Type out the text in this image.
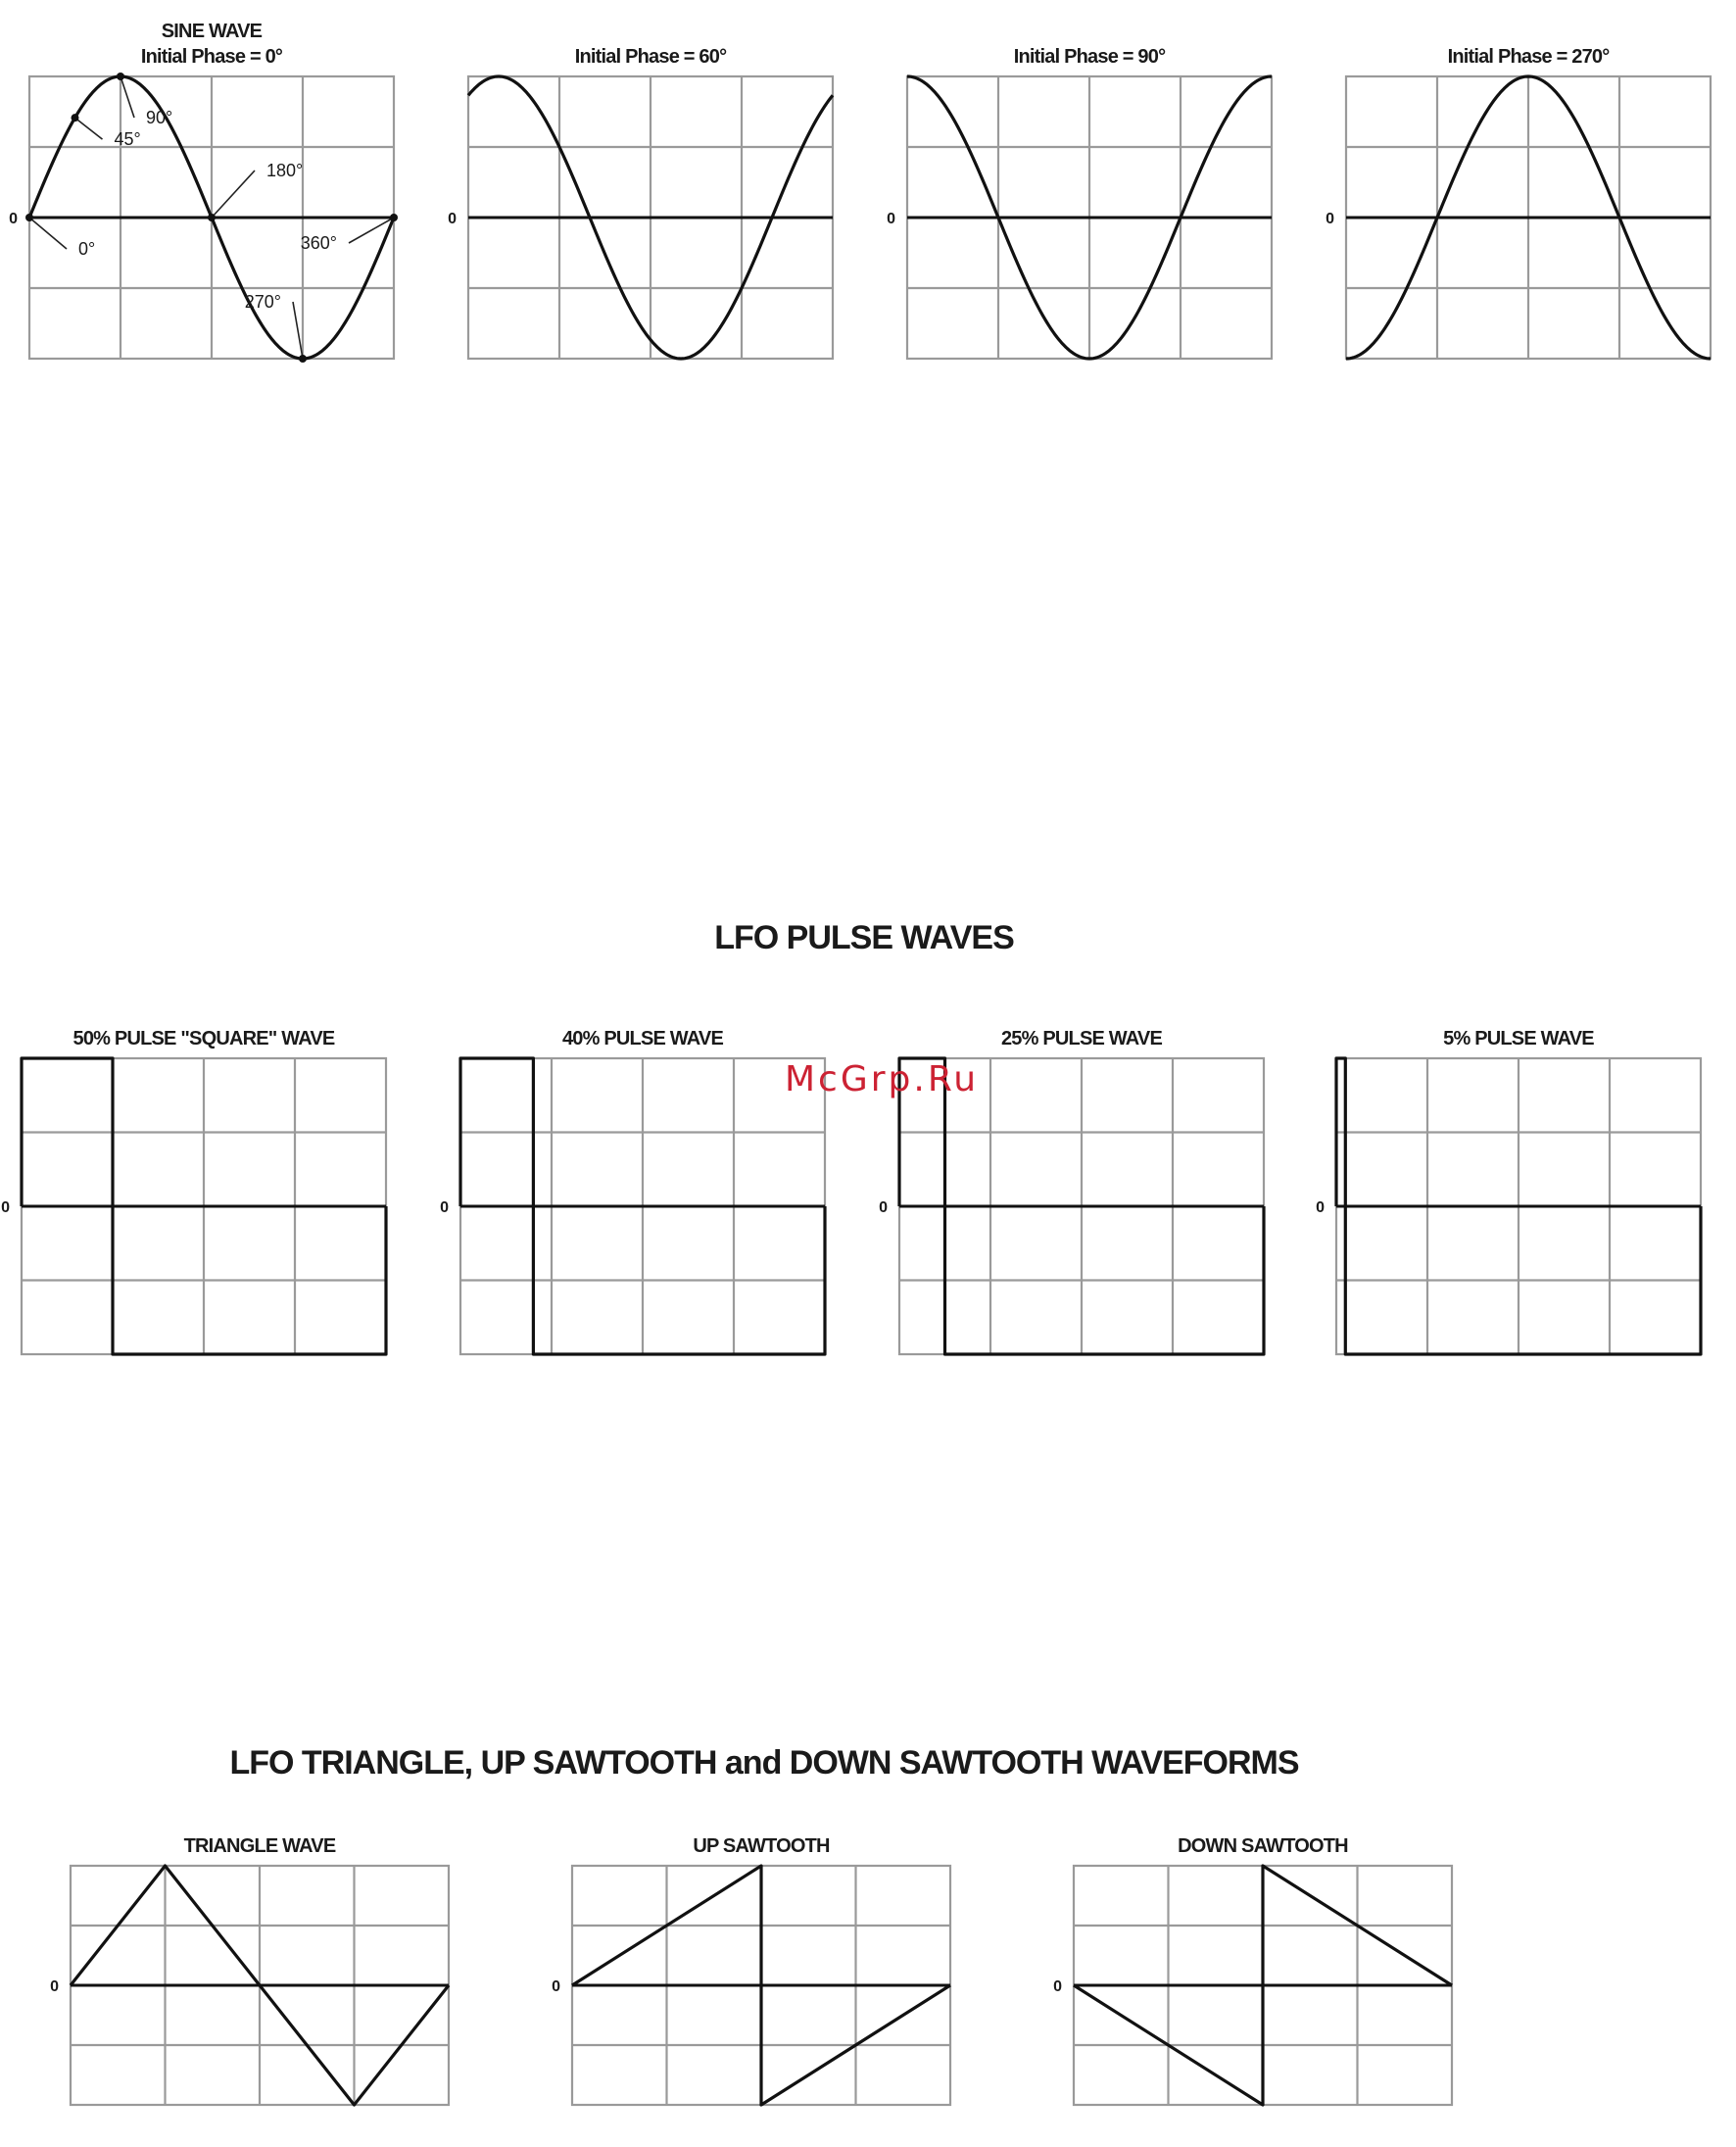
LFO PULSE WAVES
LFO TRIANGLE, UP SAWTOOTH and DOWN SAWTOOTH WAVEFORMS
SINE WAVE
Initial Phase = 0°
0
0°
45°
90°
180°
270°
360°
Initial Phase = 60°
0
Initial Phase = 90°
0
Initial Phase = 270°
0
50% PULSE "SQUARE" WAVE
0
40% PULSE WAVE
0
25% PULSE WAVE
0
5% PULSE WAVE
0
TRIANGLE WAVE
0
UP SAWTOOTH
0
DOWN SAWTOOTH
0
McGrp.Ru
